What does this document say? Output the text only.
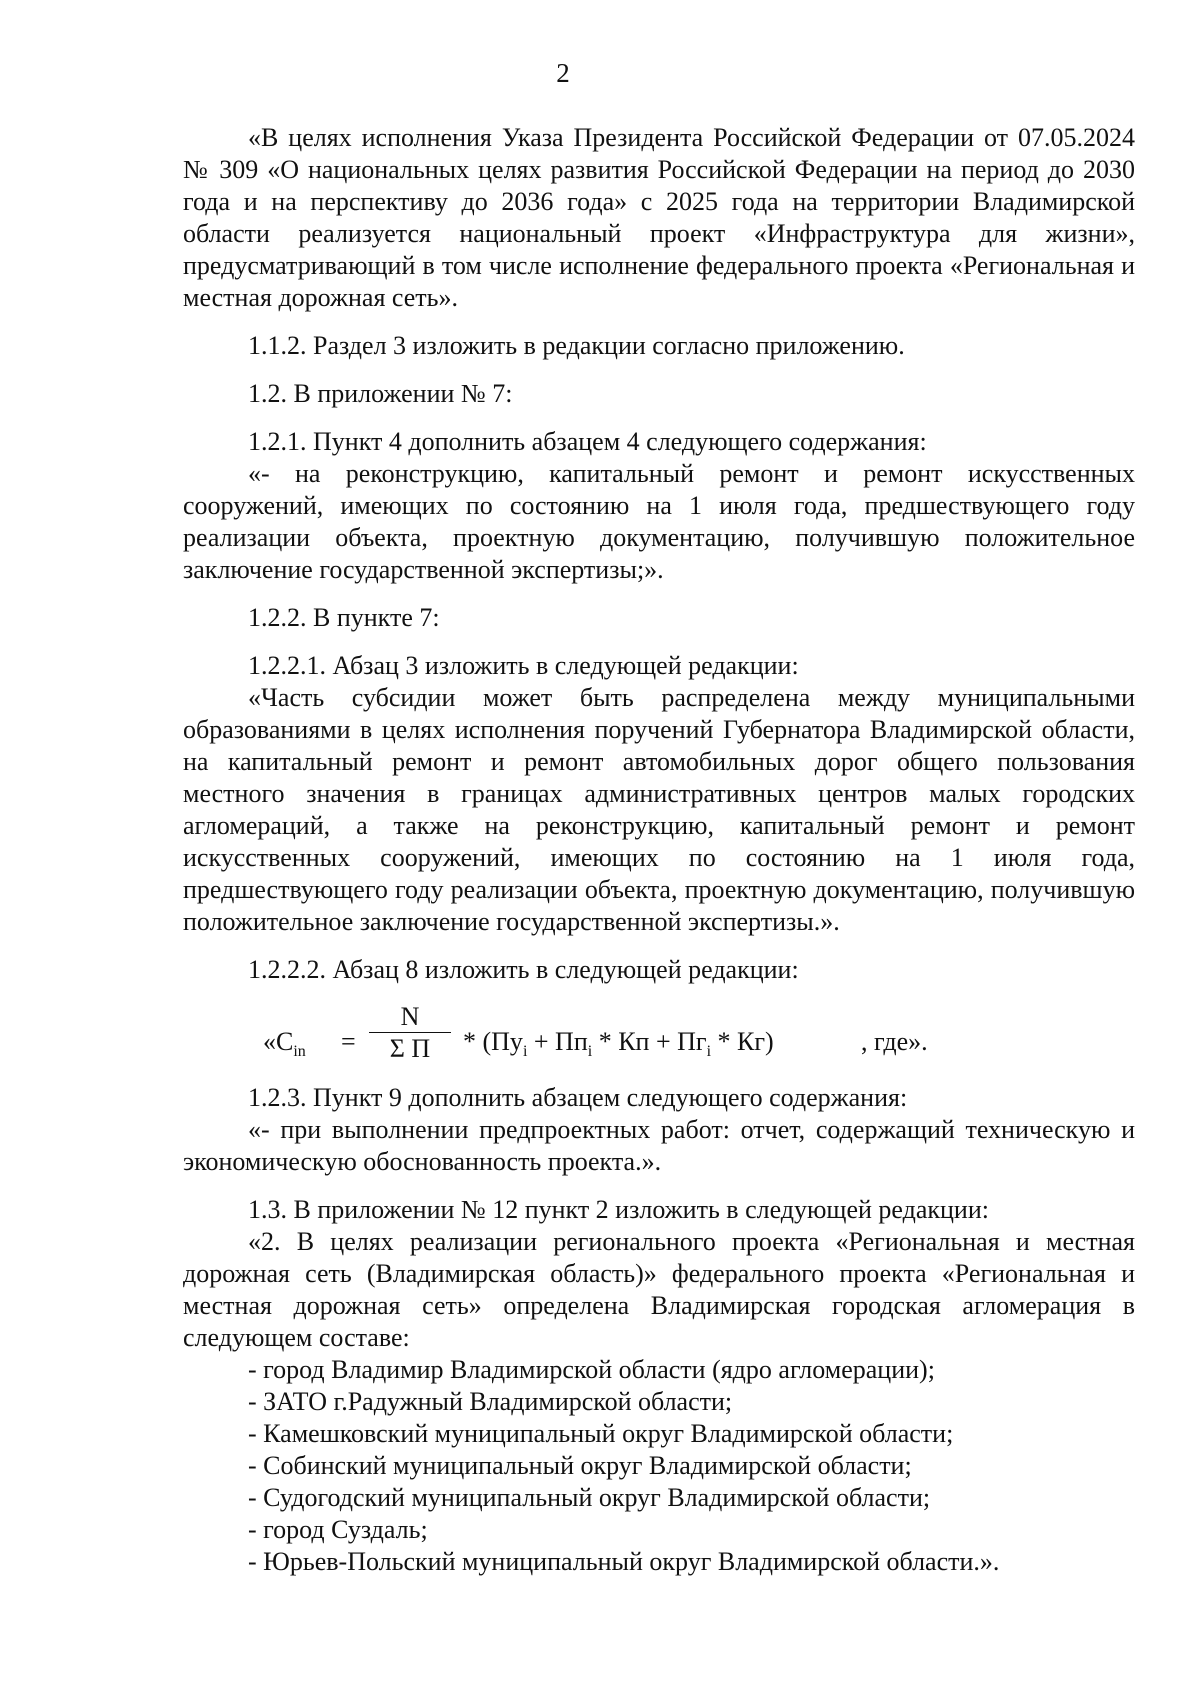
2

«В целях исполнения Указа Президента Российской Федерации от 07.05.2024 № 309 «О национальных целях развития Российской Федерации на период до 2030 года и на перспективу до 2036 года» с 2025 года на территории Владимирской области реализуется национальный проект «Инфраструктура для жизни», предусматривающий в том числе исполнение федерального проекта «Региональная и местная дорожная сеть».

1.1.2. Раздел 3 изложить в редакции согласно приложению.

1.2. В приложении № 7:

1.2.1. Пункт 4 дополнить абзацем 4 следующего содержания:

«- на реконструкцию, капитальный ремонт и ремонт искусственных сооружений, имеющих по состоянию на 1 июля года, предшествующего году реализации объекта, проектную документацию, получившую положительное заключение государственной экспертизы;».

1.2.2. В пункте 7:

1.2.2.1. Абзац 3 изложить в следующей редакции:

«Часть субсидии может быть распределена между муниципальными образованиями в целях исполнения поручений Губернатора Владимирской области, на капитальный ремонт и ремонт автомобильных дорог общего пользования местного значения в границах административных центров малых городских агломераций, а также на реконструкцию, капитальный ремонт и ремонт искусственных сооружений, имеющих по состоянию на 1 июля года, предшествующего году реализации объекта, проектную документацию, получившую положительное заключение государственной экспертизы.».

1.2.2.2. Абзац 8 изложить в следующей редакции:

«$С_{in}$ =
N
Σ П	* ($Пу_i + Пп_i$ * Кп + $Пг_i * Кг$)	, где».

1.2.3. Пункт 9 дополнить абзацем следующего содержания:

«- при выполнении предпроектных работ: отчет, содержащий техническую и экономическую обоснованность проекта.».

1.3. В приложении № 12 пункт 2 изложить в следующей редакции:

«2. В целях реализации регионального проекта «Региональная и местная дорожная сеть (Владимирская область)» федерального проекта «Региональная и местная дорожная сеть» определена Владимирская городская агломерация в следующем составе:

- город Владимир Владимирской области (ядро агломерации);

- ЗАТО г.Радужный Владимирской области;

- Камешковский муниципальный округ Владимирской области;

- Собинский муниципальный округ Владимирской области;

- Судогодский муниципальный округ Владимирской области;

- город Суздаль;

- Юрьев-Польский муниципальный округ Владимирской области.».
